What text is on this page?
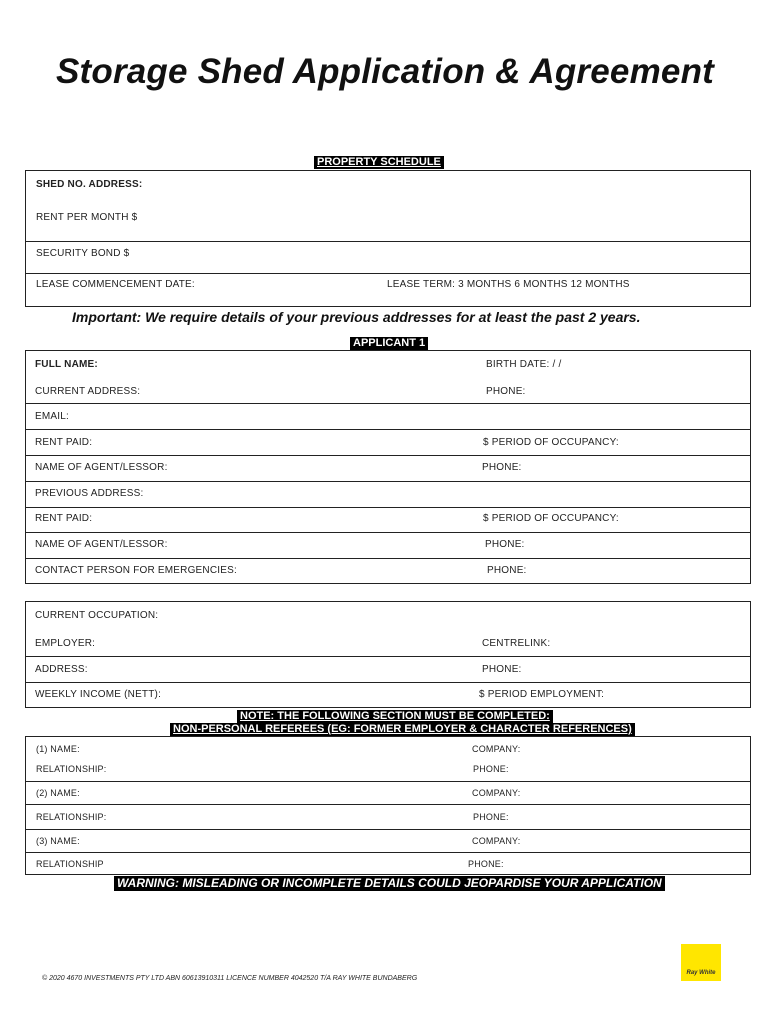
Storage Shed Application & Agreement
PROPERTY SCHEDULE
SHED NO. ADDRESS:
RENT PER MONTH $
SECURITY BOND $
LEASE COMMENCEMENT DATE:	LEASE TERM: 3 MONTHS 6 MONTHS 12 MONTHS
Important: We require details of your previous addresses for at least the past 2 years.
APPLICANT 1
FULL NAME:	BIRTH DATE: / /
CURRENT ADDRESS:	PHONE:
EMAIL:
RENT PAID:	$ PERIOD OF OCCUPANCY:
NAME OF AGENT/LESSOR:	PHONE:
PREVIOUS ADDRESS:
RENT PAID:	$ PERIOD OF OCCUPANCY:
NAME OF AGENT/LESSOR:	PHONE:
CONTACT PERSON FOR EMERGENCIES:	PHONE:
CURRENT OCCUPATION:
EMPLOYER:	CENTRELINK:
ADDRESS:	PHONE:
WEEKLY INCOME (NETT):	$ PERIOD EMPLOYMENT:
NOTE: THE FOLLOWING SECTION MUST BE COMPLETED:
NON-PERSONAL REFEREES (EG: FORMER EMPLOYER & CHARACTER REFERENCES)
(1) NAME:	COMPANY:
RELATIONSHIP:	PHONE:
(2) NAME:	COMPANY:
RELATIONSHIP:	PHONE:
(3) NAME:	COMPANY:
RELATIONSHIP	PHONE:
WARNING: MISLEADING OR INCOMPLETE DETAILS COULD JEOPARDISE YOUR APPLICATION
© 2020 4670 INVESTMENTS PTY LTD ABN 60613910311 LICENCE NUMBER 4042520 T/A RAY WHITE BUNDABERG
Ray White
